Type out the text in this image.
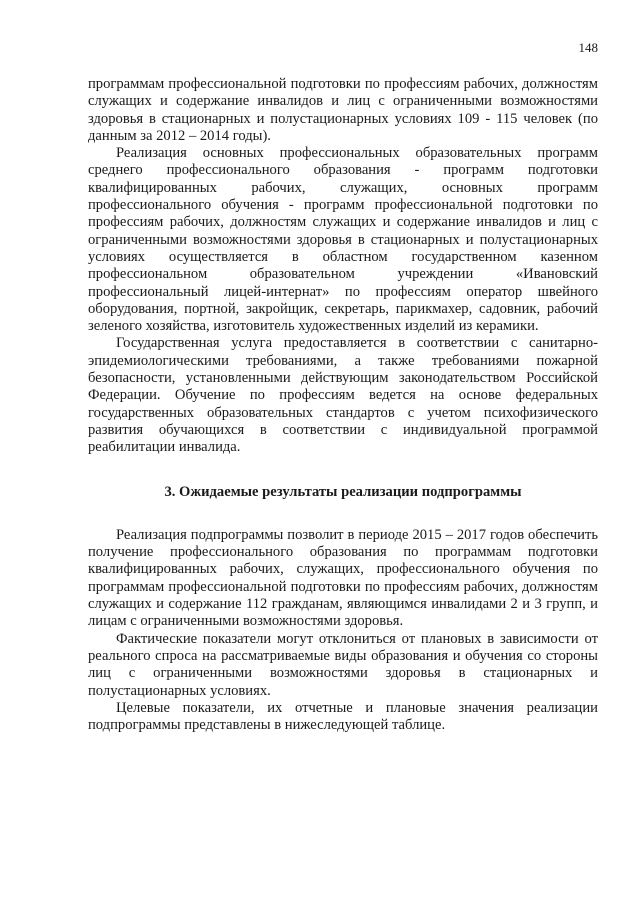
148

программам профессиональной подготовки по профессиям рабочих, должностям служащих и содержание инвалидов и лиц с ограниченными возможностями здоровья в стационарных и полустационарных условиях 109 - 115 человек (по данным за 2012 – 2014 годы).

Реализация основных профессиональных образовательных программ среднего профессионального образования - программ подготовки квалифицированных рабочих, служащих, основных программ профессионального обучения - программ профессиональной подготовки по профессиям рабочих, должностям служащих и содержание инвалидов и лиц с ограниченными возможностями здоровья в стационарных и полустационарных условиях осуществляется в областном государственном казенном профессиональном образовательном учреждении «Ивановский профессиональный лицей-интернат» по профессиям оператор швейного оборудования, портной, закройщик, секретарь, парикмахер, садовник, рабочий зеленого хозяйства, изготовитель художественных изделий из керамики.

Государственная услуга предоставляется в соответствии с санитарно-эпидемиологическими требованиями, а также требованиями пожарной безопасности, установленными действующим законодательством Российской Федерации. Обучение по профессиям ведется на основе федеральных государственных образовательных стандартов с учетом психофизического развития обучающихся в соответствии с индивидуальной программой реабилитации инвалида.

3. Ожидаемые результаты реализации подпрограммы

Реализация подпрограммы позволит в периоде 2015 – 2017 годов обеспечить получение профессионального образования по программам подготовки квалифицированных рабочих, служащих, профессионального обучения по программам профессиональной подготовки по профессиям рабочих, должностям служащих и содержание 112 гражданам, являющимся инвалидами 2 и 3 групп, и лицам с ограниченными возможностями здоровья.

Фактические показатели могут отклониться от плановых в зависимости от реального спроса на рассматриваемые виды образования и обучения со стороны лиц с ограниченными возможностями здоровья в стационарных и полустационарных условиях.

Целевые показатели, их отчетные и плановые значения реализации подпрограммы представлены в нижеследующей таблице.
